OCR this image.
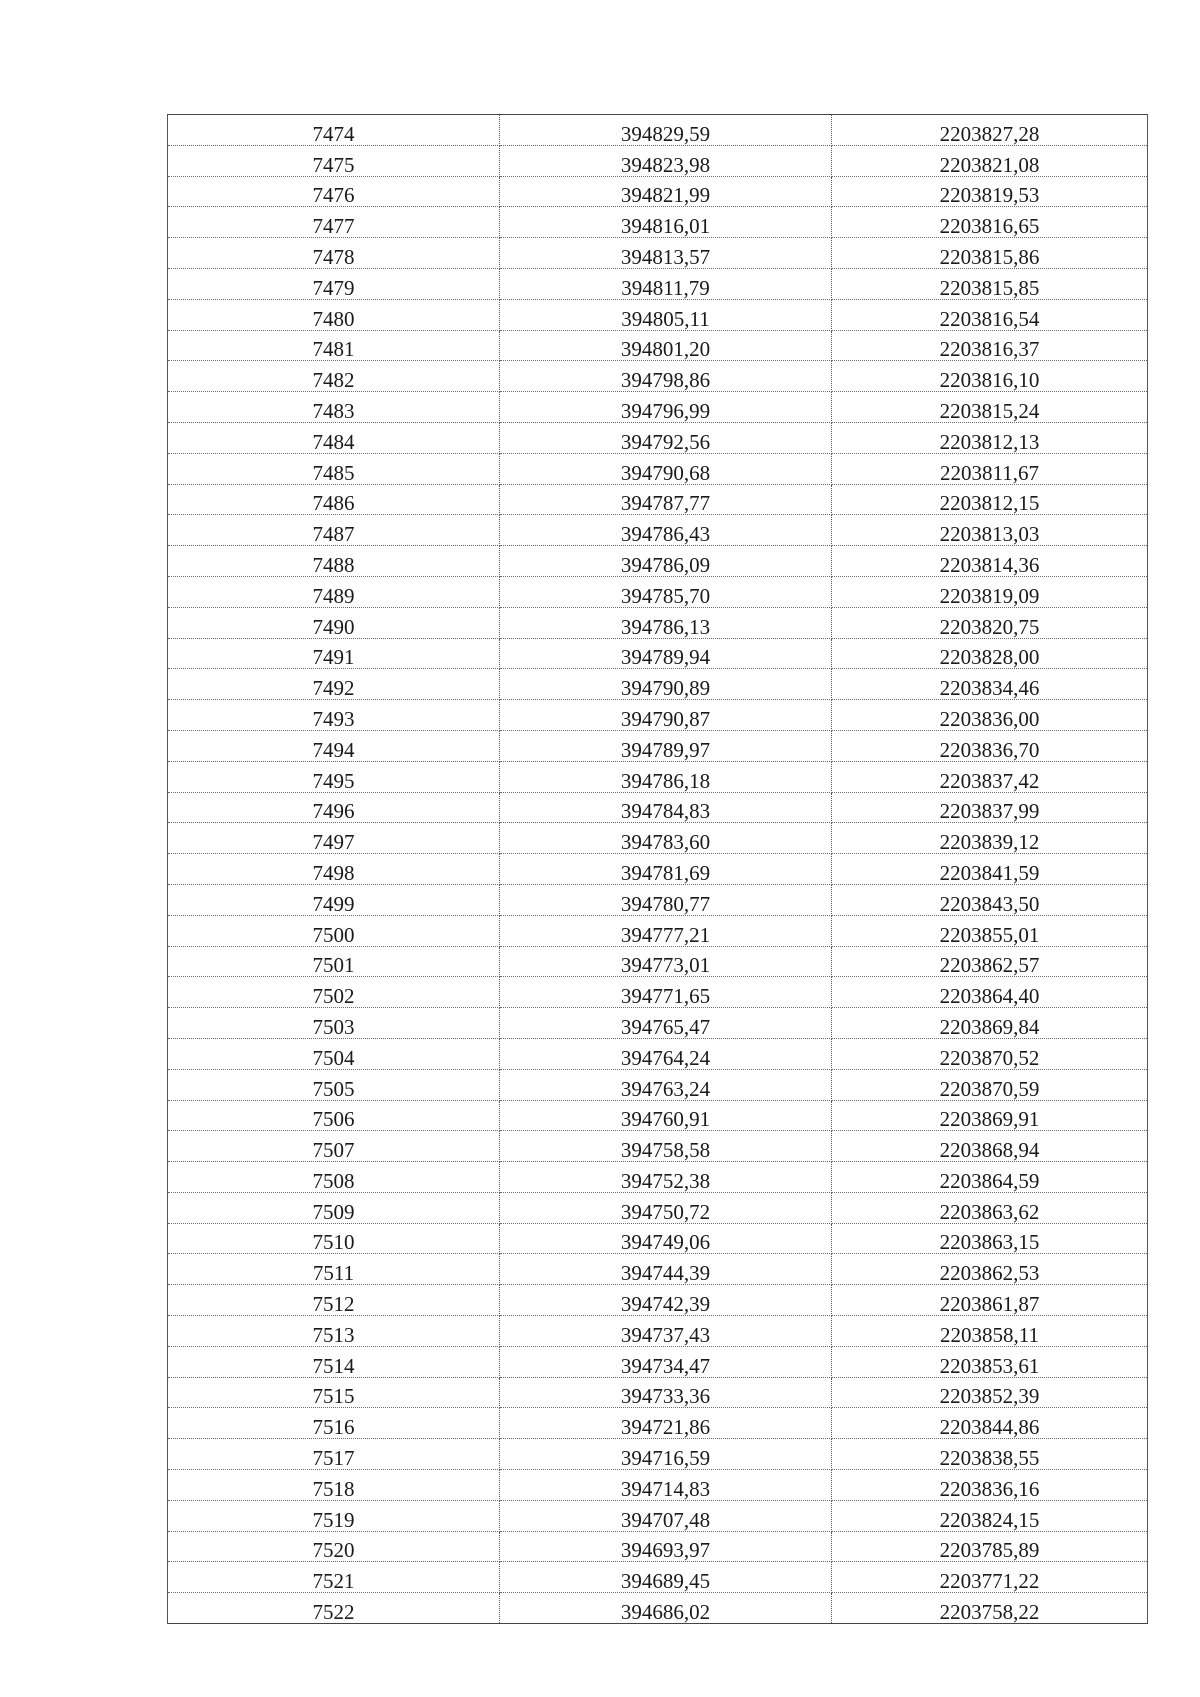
7474	394829,59	2203827,28
7475	394823,98	2203821,08
7476	394821,99	2203819,53
7477	394816,01	2203816,65
7478	394813,57	2203815,86
7479	394811,79	2203815,85
7480	394805,11	2203816,54
7481	394801,20	2203816,37
7482	394798,86	2203816,10
7483	394796,99	2203815,24
7484	394792,56	2203812,13
7485	394790,68	2203811,67
7486	394787,77	2203812,15
7487	394786,43	2203813,03
7488	394786,09	2203814,36
7489	394785,70	2203819,09
7490	394786,13	2203820,75
7491	394789,94	2203828,00
7492	394790,89	2203834,46
7493	394790,87	2203836,00
7494	394789,97	2203836,70
7495	394786,18	2203837,42
7496	394784,83	2203837,99
7497	394783,60	2203839,12
7498	394781,69	2203841,59
7499	394780,77	2203843,50
7500	394777,21	2203855,01
7501	394773,01	2203862,57
7502	394771,65	2203864,40
7503	394765,47	2203869,84
7504	394764,24	2203870,52
7505	394763,24	2203870,59
7506	394760,91	2203869,91
7507	394758,58	2203868,94
7508	394752,38	2203864,59
7509	394750,72	2203863,62
7510	394749,06	2203863,15
7511	394744,39	2203862,53
7512	394742,39	2203861,87
7513	394737,43	2203858,11
7514	394734,47	2203853,61
7515	394733,36	2203852,39
7516	394721,86	2203844,86
7517	394716,59	2203838,55
7518	394714,83	2203836,16
7519	394707,48	2203824,15
7520	394693,97	2203785,89
7521	394689,45	2203771,22
7522	394686,02	2203758,22
